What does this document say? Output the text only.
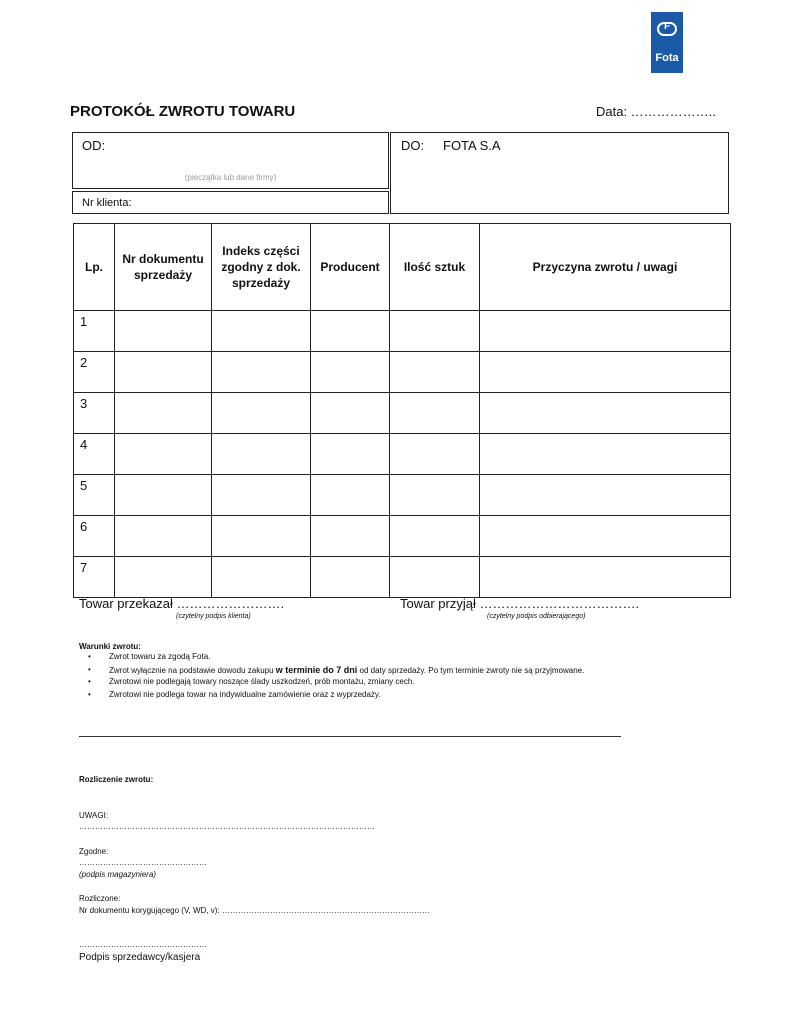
F
Fota
PROTOKÓŁ ZWROTU TOWARU	Data: ………………..
OD:
(pieczątka lub dane firmy)
Nr klienta:
DO: FOTA S.A
Lp.	Nr dokumentu sprzedaży	Indeks części zgodny z dok. sprzedaży	Producent	Ilość sztuk	Przyczyna zwrotu / uwagi
1					
2					
3					
4					
5					
6					
7					
Towar przekazał …………………….
(czytelny podpis klienta)
Towar przyjął ……………………………….
(czytelny podpis odbierającego)
Warunki zwrotu:
• Zwrot towaru za zgodą Fota.
• Zwrot wyłącznie na podstawie dowodu zakupu w terminie do 7 dni od daty sprzedaży. Po tym terminie zwroty nie są przyjmowane.
• Zwrotowi nie podlegają towary noszące ślady uszkodzeń, prób montażu, zmiany cech.
• Zwrotowi nie podlega towar na indywidualne zamówienie oraz z wyprzedaży.
Rozliczenie zwrotu:
UWAGI:
…………………………………………………………………………………………………
Zgodne:
…………………………………………
(podpis magazyniera)
Rozliczone:
Nr dokumentu korygującego (V, WD, v): ……………………………………………………………………
…………………………………………
Podpis sprzedawcy/kasjera
